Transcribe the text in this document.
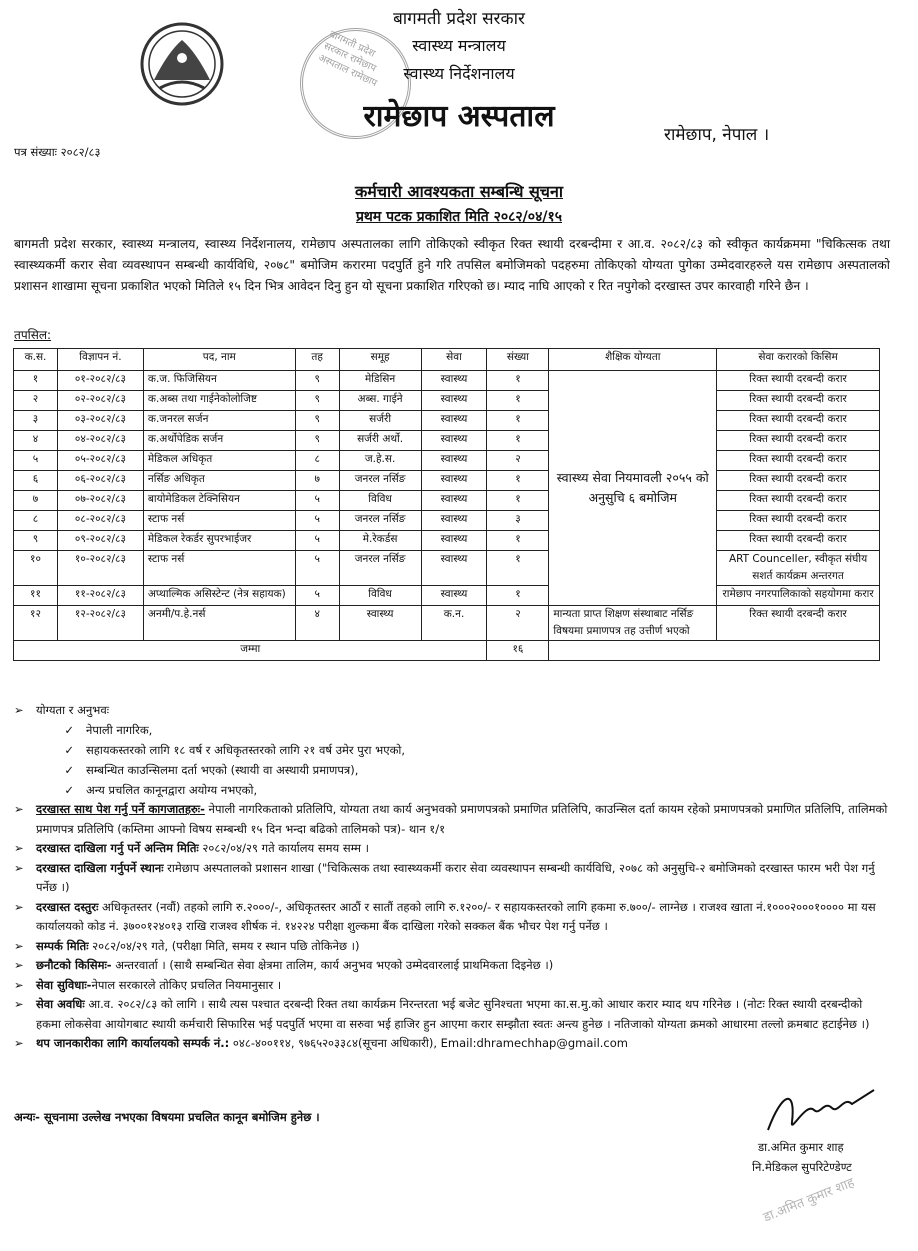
बागमती प्रदेश सरकार रामेछाप अस्पताल रामेछाप
बागमती प्रदेश सरकार
स्वास्थ्य मन्त्रालय
स्वास्थ्य निर्देशनालय
रामेछाप अस्पताल
रामेछाप, नेपाल ।
पत्र संख्याः २०८२/८३
कर्मचारी आवश्यकता सम्बन्धि सूचना
प्रथम पटक प्रकाशित मिति २०८२/०४/१५
बागमती प्रदेश सरकार, स्वास्थ्य मन्त्रालय, स्वास्थ्य निर्देशनालय, रामेछाप अस्पतालका लागि तोकिएको स्वीकृत रिक्त स्थायी दरबन्दीमा र आ.व. २०८२/८३ को स्वीकृत कार्यक्रममा "चिकित्सक तथा स्वास्थ्यकर्मी करार सेवा व्यवस्थापन सम्बन्धी कार्यविधि, २०७८" बमोजिम करारमा पदपुर्ति हुने गरि तपसिल बमोजिमको पदहरुमा तोकिएको योग्यता पुगेका उम्मेदवारहरुले यस रामेछाप अस्पतालको प्रशासन शाखामा सूचना प्रकाशित भएको मितिले १५ दिन भित्र आवेदन दिनु हुन यो सूचना प्रकाशित गरिएको छ। म्याद नाघि आएको र रित नपुगेको दरखास्त उपर कारवाही गरिने छैन ।
तपसिल:
क.स.	विज्ञापन नं.	पद, नाम	तह	समूह	सेवा	संख्या	शैक्षिक योग्यता	सेवा करारको किसिम
१	०१-२०८२/८३	क.ज. फिजिसियन	९	मेडिसिन	स्वास्थ्य	१	स्वास्थ्य सेवा नियमावली २०५५ को अनुसुचि ६ बमोजिम	रिक्त स्थायी दरबन्दी करार
२	०२-२०८२/८३	क.अब्स तथा गाईनेकोलोजिष्ट	९	अब्स. गाईने	स्वास्थ्य	१		रिक्त स्थायी दरबन्दी करार
३	०३-२०८२/८३	क.जनरल सर्जन	९	सर्जरी	स्वास्थ्य	१		रिक्त स्थायी दरबन्दी करार
४	०४-२०८२/८३	क.अर्थोपेडिक सर्जन	९	सर्जरी अर्थो.	स्वास्थ्य	१		रिक्त स्थायी दरबन्दी करार
५	०५-२०८२/८३	मेडिकल अधिकृत	८	ज.हे.स.	स्वास्थ्य	२		रिक्त स्थायी दरबन्दी करार
६	०६-२०८२/८३	नर्सिङ अधिकृत	७	जनरल नर्सिङ	स्वास्थ्य	१		रिक्त स्थायी दरबन्दी करार
७	०७-२०८२/८३	बायोमेडिकल टेक्निसियन	५	विविध	स्वास्थ्य	१		रिक्त स्थायी दरबन्दी करार
८	०८-२०८२/८३	स्टाफ नर्स	५	जनरल नर्सिङ	स्वास्थ्य	३		रिक्त स्थायी दरबन्दी करार
९	०९-२०८२/८३	मेडिकल रेकर्डर सुपरभाईजर	५	मे.रेकर्डस	स्वास्थ्य	१		रिक्त स्थायी दरबन्दी करार
१०	१०-२०८२/८३	स्टाफ नर्स	५	जनरल नर्सिङ	स्वास्थ्य	१		ART Counceller, स्वीकृत संघीय सशर्त कार्यक्रम अन्तरगत
११	११-२०८२/८३	अप्थाल्मिक असिस्टेन्ट (नेत्र सहायक)	५	विविध	स्वास्थ्य	१		रामेछाप नगरपालिकाको सहयोगमा करार
१२	१२-२०८२/८३	अनमी/प.हे.नर्स	४	स्वास्थ्य	क.न.	२	मान्यता प्राप्त शिक्षण संस्थाबाट नर्सिङ विषयमा प्रमाणपत्र तह उत्तीर्ण भएको	रिक्त स्थायी दरबन्दी करार
जम्मा						१६		
➢ योग्यता र अनुभवः
✓ नेपाली नागरिक,
✓ सहायकस्तरको लागि १८ वर्ष र अधिकृतस्तरको लागि २१ वर्ष उमेर पुरा भएको,
✓ सम्बन्धित काउन्सिलमा दर्ता भएको (स्थायी वा अस्थायी प्रमाणपत्र),
✓ अन्य प्रचलित कानूनद्वारा अयोग्य नभएको,
➢	दरखास्त साथ पेश गर्नु पर्ने कागजातहरुः- नेपाली नागरिकताको प्रतिलिपि, योग्यता तथा कार्य अनुभवको प्रमाणपत्रको प्रमाणित प्रतिलिपि, काउन्सिल दर्ता कायम रहेको प्रमाणपत्रको प्रमाणित प्रतिलिपि, तालिमको प्रमाणपत्र प्रतिलिपि (कम्तिमा आफ्नो विषय सम्बन्धी १५ दिन भन्दा बढिको तालिमको पत्र)- थान १/१
➢	दरखास्त दाखिला गर्नु पर्ने अन्तिम मितिः २०८२/०४/२९ गते कार्यालय समय सम्म ।
➢	दरखास्त दाखिला गर्नुपर्ने स्थानः रामेछाप अस्पतालको प्रशासन शाखा ("चिकित्सक तथा स्वास्थ्यकर्मी करार सेवा व्यवस्थापन सम्बन्धी कार्यविधि, २०७८ को अनुसुचि-२ बमोजिमको दरखास्त फारम भरी पेश गर्नु पर्नेछ ।)
➢	दरखास्त दस्तुरः अधिकृतस्तर (नवौं) तहको लागि रु.२०००/-, अधिकृतस्तर आठौं र सातौं तहको लागि रु.१२००/- र सहायकस्तरको लागि हकमा रु.७००/- लाग्नेछ । राजश्व खाता नं.१०००२०००१०००० मा यस कार्यालयको कोड नं. ३७००१२४०१३ राखि राजश्व शीर्षक नं. १४२२४ परीक्षा शुल्कमा बैंक दाखिला गरेको सक्कल बैंक भौचर पेश गर्नु पर्नेछ ।
➢	सम्पर्क मितिः २०८२/०४/२९ गते, (परीक्षा मिति, समय र स्थान पछि तोकिनेछ ।)
➢	छनौटको किसिमः- अन्तरवार्ता । (साथै सम्बन्धित सेवा क्षेत्रमा तालिम, कार्य अनुभव भएको उम्मेदवारलाई प्राथमिकता दिइनेछ ।)
➢	सेवा सुविधाः-नेपाल सरकारले तोकिए प्रचलित नियमानुसार ।
➢	सेवा अवधिः आ.व. २०८२/८३ को लागि । साथै त्यस पश्चात दरबन्दी रिक्त तथा कार्यक्रम निरन्तरता भई बजेट सुनिश्चता भएमा का.स.मु.को आधार करार म्याद थप गरिनेछ । (नोटः रिक्त स्थायी दरबन्दीको हकमा लोकसेवा आयोगबाट स्थायी कर्मचारी सिफारिस भई पदपुर्ति भएमा वा सरुवा भई हाजिर हुन आएमा करार सम्झौता स्वतः अन्त्य हुनेछ । नतिजाको योग्यता क्रमको आधारमा तल्लो क्रमबाट हटाईनेछ ।)
➢	थप जानकारीका लागि कार्यालयको सम्पर्क नं.: ०४८-४००११४, ९७६५२०३३८४(सूचना अधिकारी), Email:dhramechhap@gmail.com
डा.अमित कुमार शाह
नि.मेडिकल सुपरिटेण्डेण्ट
डा.अमित कुमार शाह
अन्यः- सूचनामा उल्लेख नभएका विषयमा प्रचलित कानून बमोजिम हुनेछ ।
